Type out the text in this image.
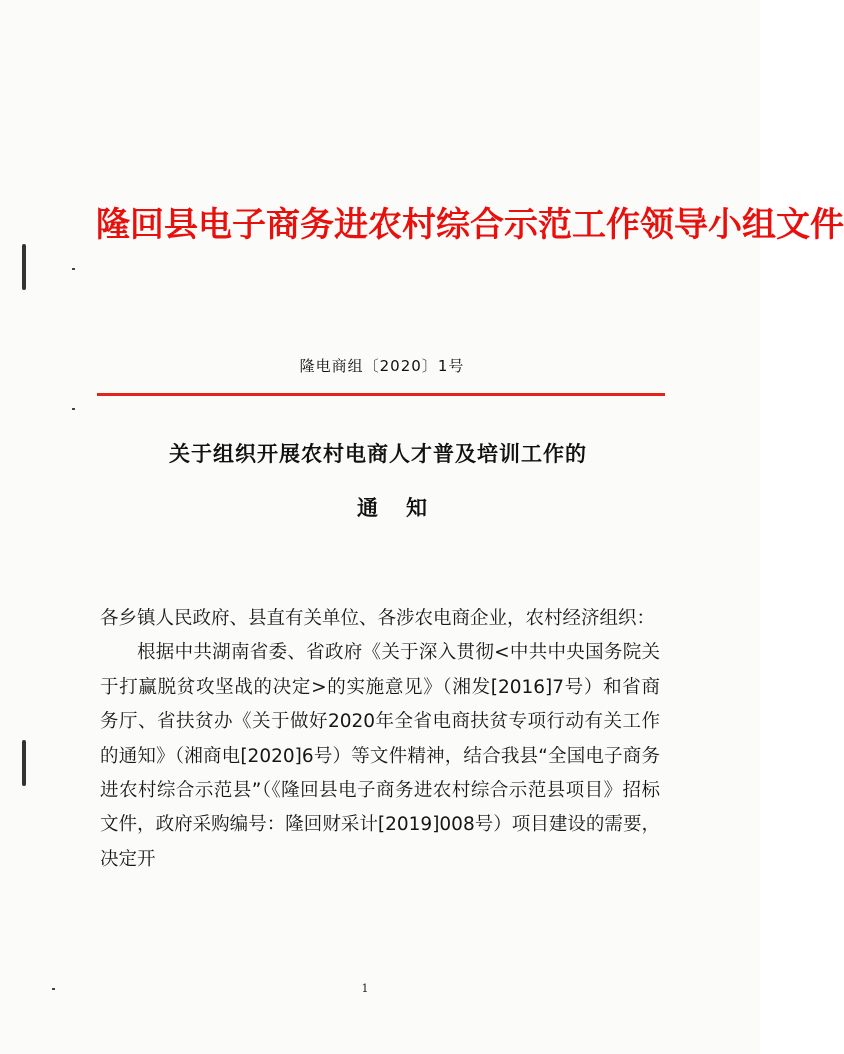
隆回县电子商务进农村综合示范工作领导小组文件
隆电商组〔2020〕1号
关于组织开展农村电商人才普及培训工作的
通知

各乡镇人民政府、县直有关单位、各涉农电商企业，农村经济组织：

根据中共湖南省委、省政府《关于深入贯彻<中共中央国务院关于打赢脱贫攻坚战的决定>的实施意见》（湘发[2016]7号）和省商务厅、省扶贫办《关于做好2020年全省电商扶贫专项行动有关工作的通知》（湘商电[2020]6号）等文件精神，结合我县“全国电子商务进农村综合示范县”（《隆回县电子商务进农村综合示范县项目》招标文件，政府采购编号：隆回财采计[2019]008号）项目建设的需要，决定开

1
